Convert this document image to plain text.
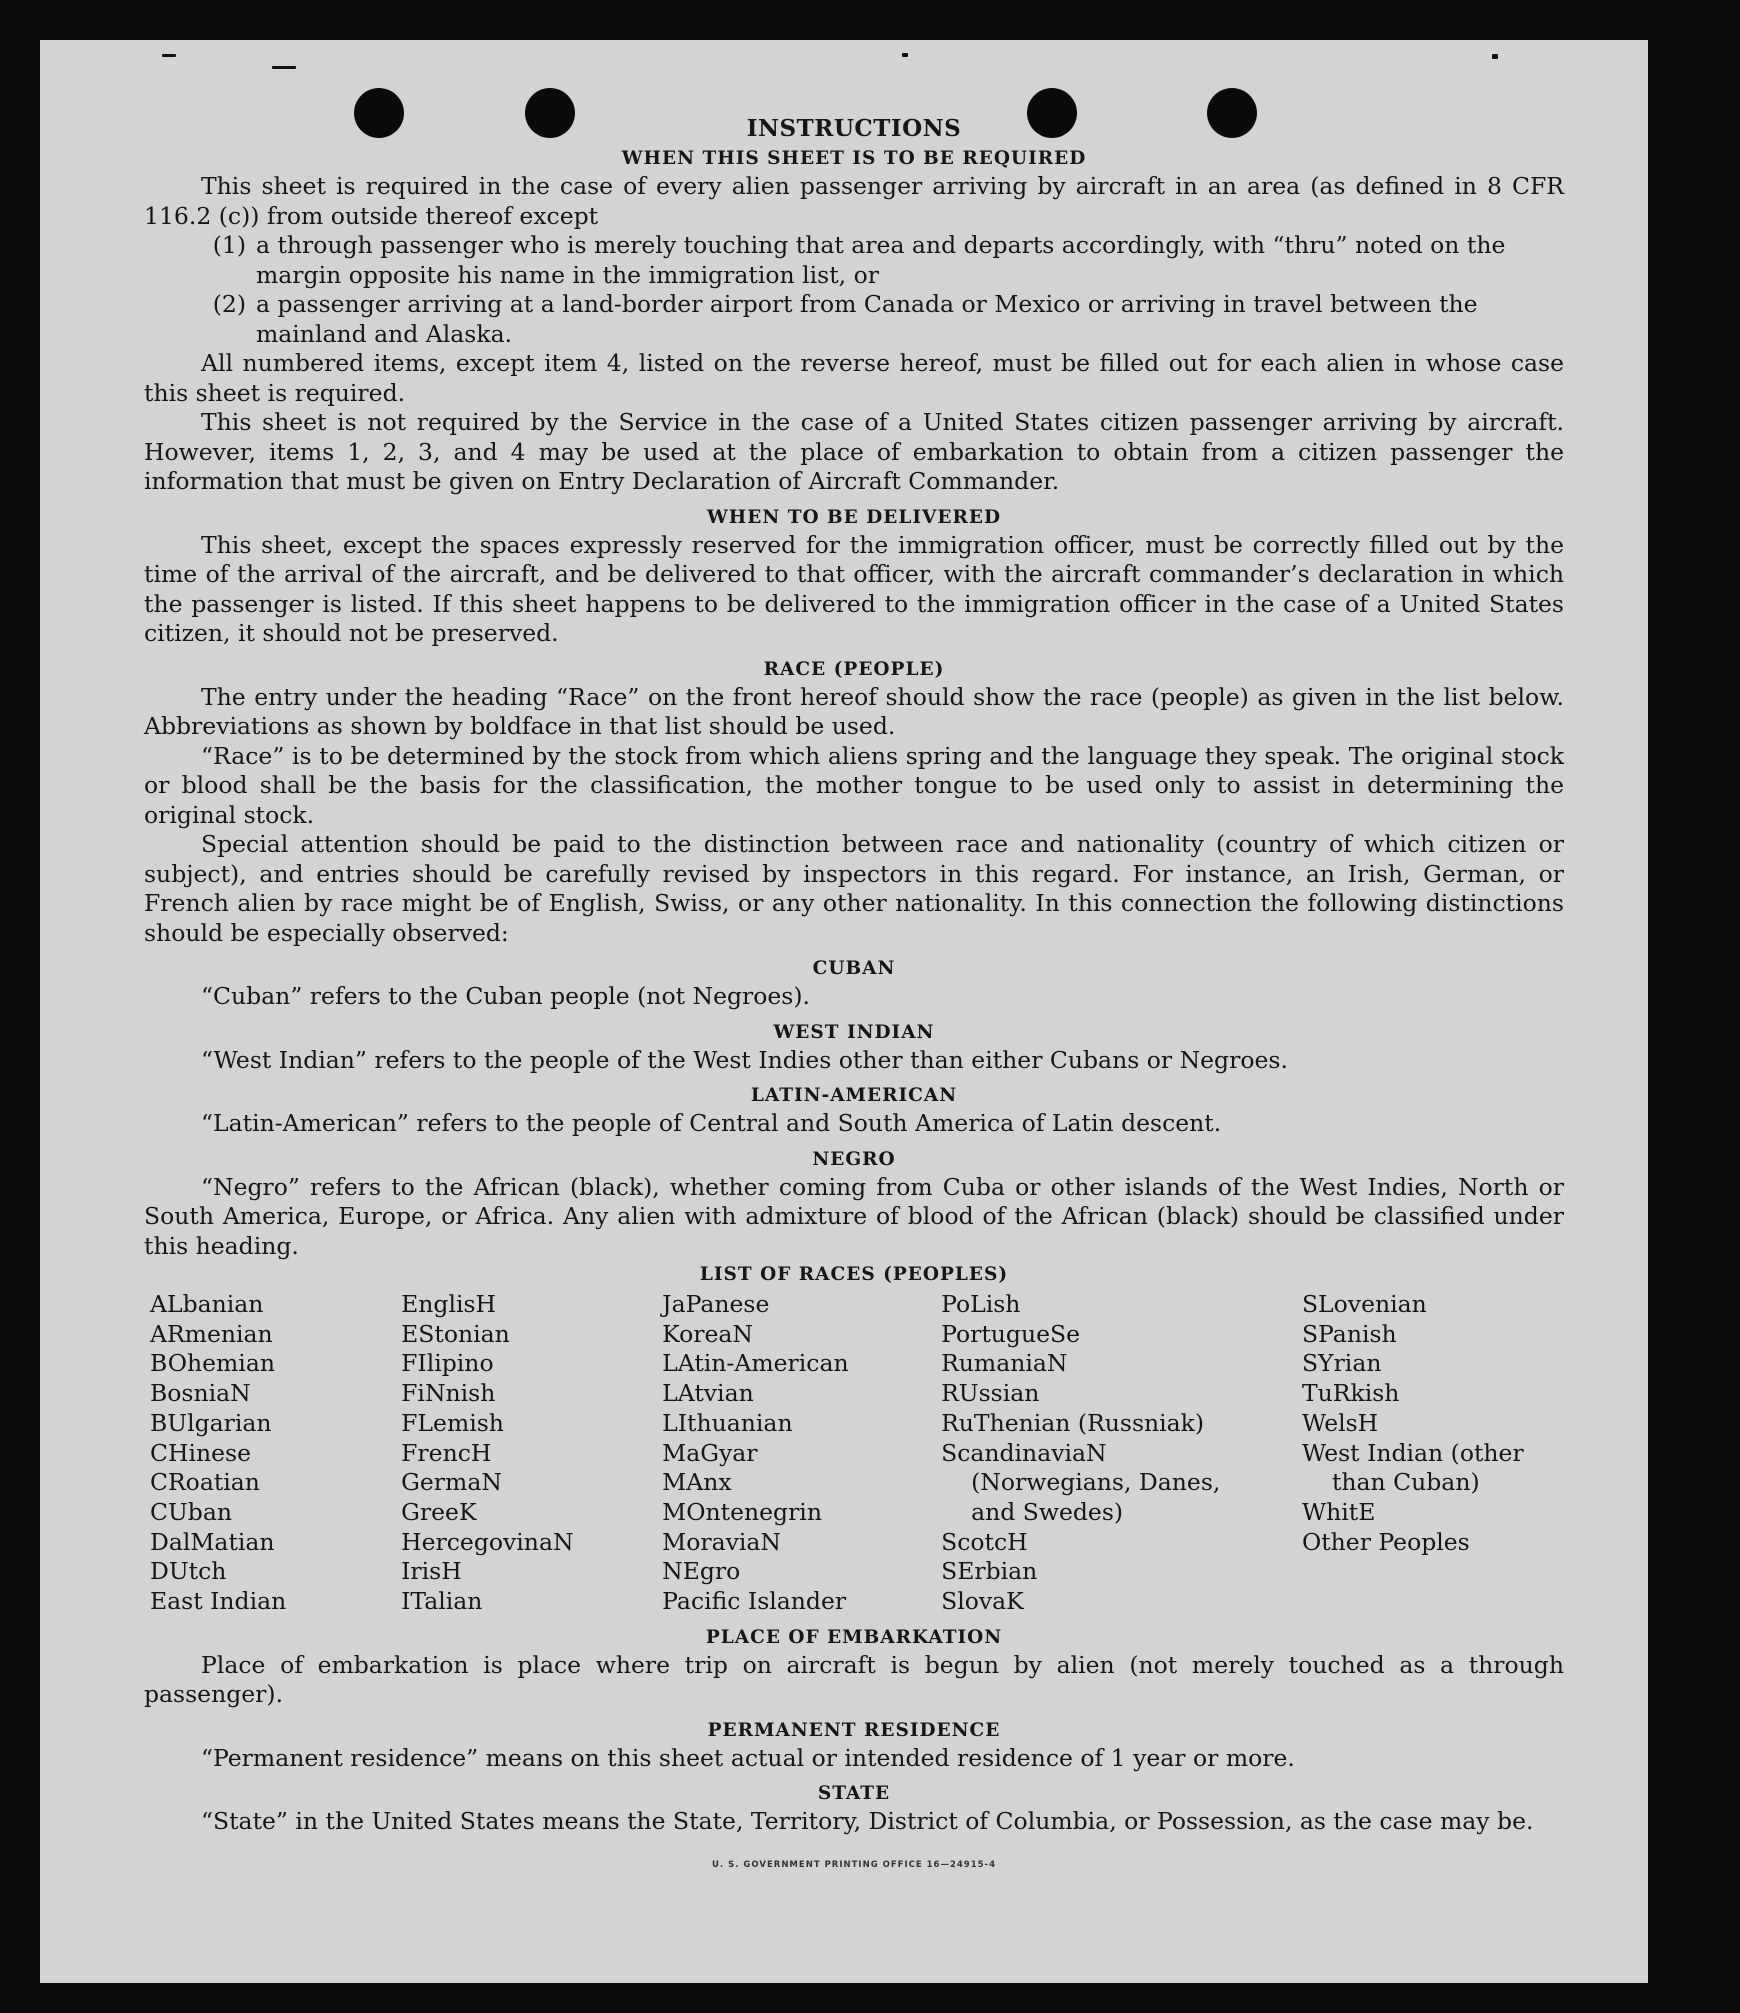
INSTRUCTIONS
WHEN THIS SHEET IS TO BE REQUIRED

This sheet is required in the case of every alien passenger arriving by aircraft in an area (as defined in 8 CFR 116.2 (c)) from outside thereof except

(1) a through passenger who is merely touching that area and departs accordingly, with “thru” noted on the margin opposite his name in the immigration list, or
(2) a passenger arriving at a land-border airport from Canada or Mexico or arriving in travel between the mainland and Alaska.

All numbered items, except item 4, listed on the reverse hereof, must be filled out for each alien in whose case this sheet is required.

This sheet is not required by the Service in the case of a United States citizen passenger arriving by aircraft. However, items 1, 2, 3, and 4 may be used at the place of embarkation to obtain from a citizen passenger the information that must be given on Entry Declaration of Aircraft Commander.

WHEN TO BE DELIVERED

This sheet, except the spaces expressly reserved for the immigration officer, must be correctly filled out by the time of the arrival of the aircraft, and be delivered to that officer, with the aircraft commander’s declaration in which the passenger is listed. If this sheet happens to be delivered to the immigration officer in the case of a United States citizen, it should not be preserved.

RACE (PEOPLE)

The entry under the heading “Race” on the front hereof should show the race (people) as given in the list below. Abbreviations as shown by boldface in that list should be used.

“Race” is to be determined by the stock from which aliens spring and the language they speak. The original stock or blood shall be the basis for the classification, the mother tongue to be used only to assist in determining the original stock.

Special attention should be paid to the distinction between race and nationality (country of which citizen or subject), and entries should be carefully revised by inspectors in this regard. For instance, an Irish, German, or French alien by race might be of English, Swiss, or any other nationality. In this connection the following distinctions should be especially observed:

CUBAN

“Cuban” refers to the Cuban people (not Negroes).

WEST INDIAN

“West Indian” refers to the people of the West Indies other than either Cubans or Negroes.

LATIN-AMERICAN

“Latin-American” refers to the people of Central and South America of Latin descent.

NEGRO

“Negro” refers to the African (black), whether coming from Cuba or other islands of the West Indies, North or South America, Europe, or Africa. Any alien with admixture of blood of the African (black) should be classified under this heading.

LIST OF RACES (PEOPLES)
ALbanian
ARmenian
BOhemian
BosniaN
BUlgarian
CHinese
CRoatian
CUban
DalMatian
DUtch
East Indian
EnglisH
EStonian
FIlipino
FiNnish
FLemish
FrencH
GermaN
GreeK
HercegovinaN
IrisH
ITalian
JaPanese
KoreaN
LAtin-American
LAtvian
LIthuanian
MaGyar
MAnx
MOntenegrin
MoraviaN
NEgro
Pacific Islander
PoLish
PortugueSe
RumaniaN
RUssian
RuThenian (Russniak)
ScandinaviaN (Norwegians, Danes, and Swedes)
ScotcH
SErbian
SlovaK
SLovenian
SPanish
SYrian
TuRkish
WelsH
West Indian (other than Cuban)
WhitE
Other Peoples
PLACE OF EMBARKATION

Place of embarkation is place where trip on aircraft is begun by alien (not merely touched as a through passenger).

PERMANENT RESIDENCE

“Permanent residence” means on this sheet actual or intended residence of 1 year or more.

STATE

“State” in the United States means the State, Territory, District of Columbia, or Possession, as the case may be.

U. S. GOVERNMENT PRINTING OFFICE 16—24915-4
